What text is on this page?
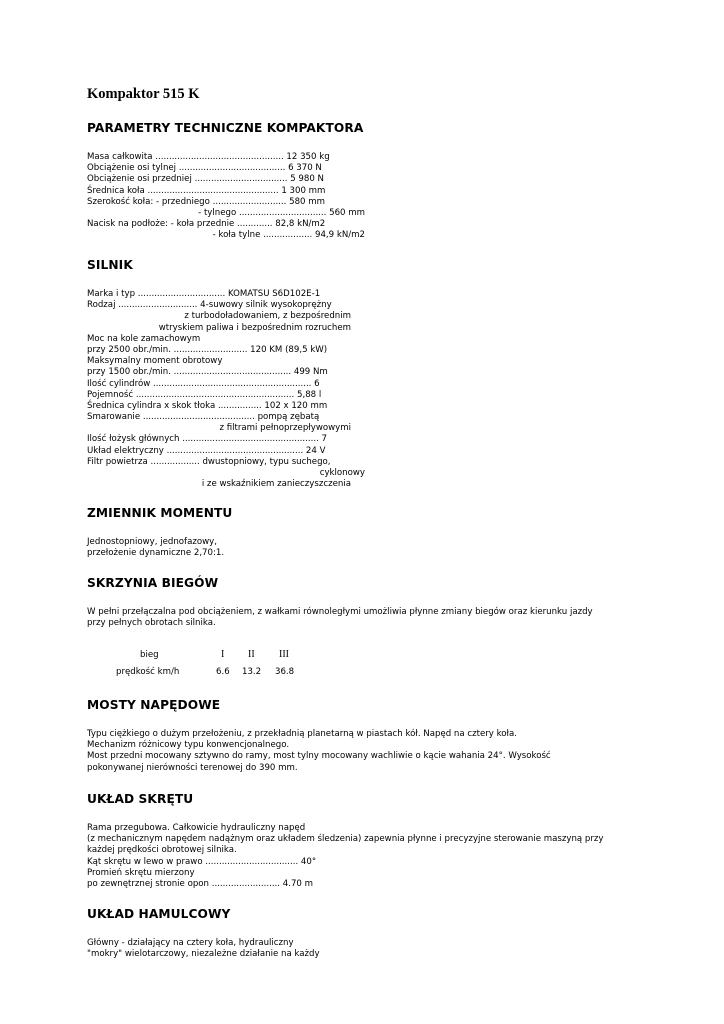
Kompaktor 515 K
PARAMETRY TECHNICZNE KOMPAKTORA
Masa całkowita ............................................... 12 350 kg
Obciążenie osi tylnej ....................................... 6 370 N
Obciążenie osi przedniej .................................. 5 980 N
Średnica koła ................................................ 1 300 mm
Szerokość koła: - przedniego ........................... 580 mm
- tylnego ................................ 560 mm
Nacisk na podłoże: - koła przednie ............. 82,8 kN/m2
- koła tylne .................. 94,9 kN/m2
SILNIK
Marka i typ ................................ KOMATSU S6D102E-1
Rodzaj ............................. 4-suwowy silnik wysokoprężny
z turbodoładowaniem, z bezpośrednim
wtryskiem paliwa i bezpośrednim rozruchem
Moc na kole zamachowym
przy 2500 obr./min. ........................... 120 KM (89,5 kW)
Maksymalny moment obrotowy
przy 1500 obr./min. ........................................... 499 Nm
Ilość cylindrów .......................................................... 6
Pojemność .......................................................... 5,88 l
Średnica cylindra x skok tłoka ................ 102 x 120 mm
Smarowanie ......................................... pompą zębatą
z filtrami pełnoprzepływowymi
Ilość łożysk głównych .................................................. 7
Układ elektryczny .................................................. 24 V
Filtr powietrza .................. dwustopniowy, typu suchego,
cyklonowy
i ze wskaźnikiem zanieczyszczenia
ZMIENNIK MOMENTU
Jednostopniowy, jednofazowy,
przełożenie dynamiczne 2,70:1.
SKRZYNIA BIEGÓW
W pełni przełączalna pod obciążeniem, z wałkami równoległymi umożliwia płynne zmiany biegów oraz kierunku jazdy
przy pełnych obrotach silnika.
bieg	I II III
prędkość km/h	6.6 13.2 36.8
MOSTY NAPĘDOWE
Typu ciężkiego o dużym przełożeniu, z przekładnią planetarną w piastach kół. Napęd na cztery koła.
Mechanizm różnicowy typu konwencjonalnego.
Most przedni mocowany sztywno do ramy, most tylny mocowany wachliwie o kącie wahania 24°. Wysokość
pokonywanej nierówności terenowej do 390 mm.
UKŁAD SKRĘTU
Rama przegubowa. Całkowicie hydrauliczny napęd
(z mechanicznym napędem nadążnym oraz układem śledzenia) zapewnia płynne i precyzyjne sterowanie maszyną przy
każdej prędkości obrotowej silnika.
Kąt skrętu w lewo w prawo .................................. 40°
Promień skrętu mierzony
po zewnętrznej stronie opon ......................... 4.70 m
UKŁAD HAMULCOWY
Główny - działający na cztery koła, hydrauliczny
"mokry" wielotarczowy, niezależne działanie na każdy
